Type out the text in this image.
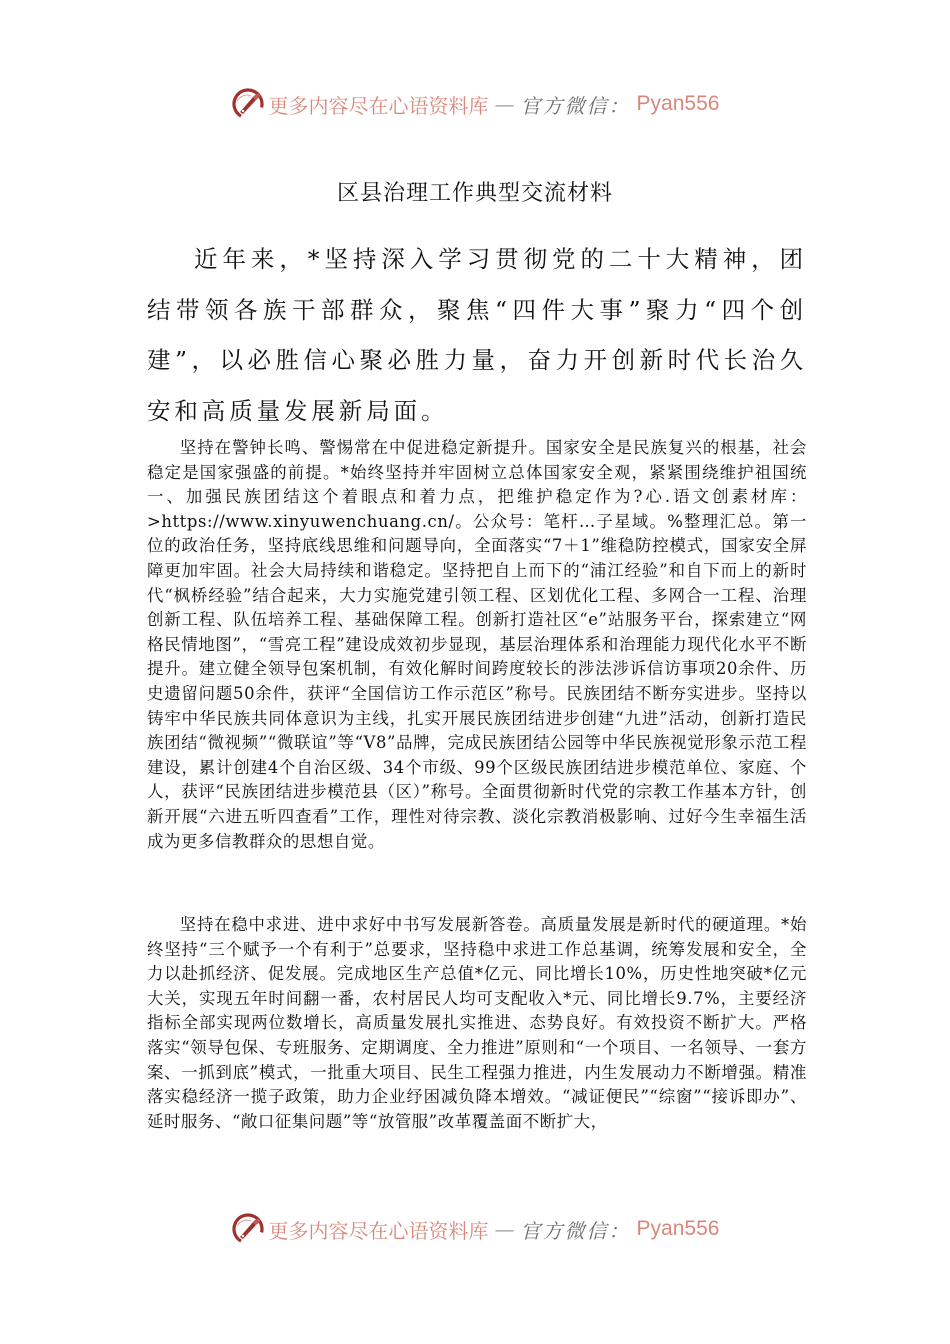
更多内容尽在心语资料库 — 官方微信： Pyan556
区县治理工作典型交流材料

近年来，*坚持深入学习贯彻党的二十大精神，团结带领各族干部群众，聚焦“四件大事”聚力“四个创建”，以必胜信心聚必胜力量，奋力开创新时代长治久安和高质量发展新局面。

坚持在警钟长鸣、警惕常在中促进稳定新提升。国家安全是民族复兴的根基，社会稳定是国家强盛的前提。*始终坚持并牢固树立总体国家安全观，紧紧围绕维护祖国统一、加强民族团结这个着眼点和着力点，把维护稳定作为?心.语文创素材库：>https://www.xinyuwenchuang.cn/。公众号：笔杆…子星域。%整理汇总。第一位的政治任务，坚持底线思维和问题导向，全面落实“7＋1”维稳防控模式，国家安全屏障更加牢固。社会大局持续和谐稳定。坚持把自上而下的“浦江经验”和自下而上的新时代“枫桥经验”结合起来，大力实施党建引领工程、区划优化工程、多网合一工程、治理创新工程、队伍培养工程、基础保障工程。创新打造社区“e”站服务平台，探索建立“网格民情地图”，“雪亮工程”建设成效初步显现，基层治理体系和治理能力现代化水平不断提升。建立健全领导包案机制，有效化解时间跨度较长的涉法涉诉信访事项20余件、历史遗留问题50余件，获评“全国信访工作示范区”称号。民族团结不断夯实进步。坚持以铸牢中华民族共同体意识为主线，扎实开展民族团结进步创建“九进”活动，创新打造民族团结“微视频”“微联谊”等“V8”品牌，完成民族团结公园等中华民族视觉形象示范工程建设，累计创建4个自治区级、34个市级、99个区级民族团结进步模范单位、家庭、个人，获评“民族团结进步模范县（区）”称号。全面贯彻新时代党的宗教工作基本方针，创新开展“六进五听四查看”工作，理性对待宗教、淡化宗教消极影响、过好今生幸福生活成为更多信教群众的思想自觉。

坚持在稳中求进、进中求好中书写发展新答卷。高质量发展是新时代的硬道理。*始终坚持“三个赋予一个有利于”总要求，坚持稳中求进工作总基调，统筹发展和安全，全力以赴抓经济、促发展。完成地区生产总值*亿元、同比增长10%，历史性地突破*亿元大关，实现五年时间翻一番，农村居民人均可支配收入*元、同比增长9.7%，主要经济指标全部实现两位数增长，高质量发展扎实推进、态势良好。有效投资不断扩大。严格落实“领导包保、专班服务、定期调度、全力推进”原则和“一个项目、一名领导、一套方案、一抓到底”模式，一批重大项目、民生工程强力推进，内生发展动力不断增强。精准落实稳经济一揽子政策，助力企业纾困减负降本增效。“减证便民”“综窗”“接诉即办”、延时服务、“敞口征集问题”等“放管服”改革覆盖面不断扩大，

更多内容尽在心语资料库 — 官方微信： Pyan556
